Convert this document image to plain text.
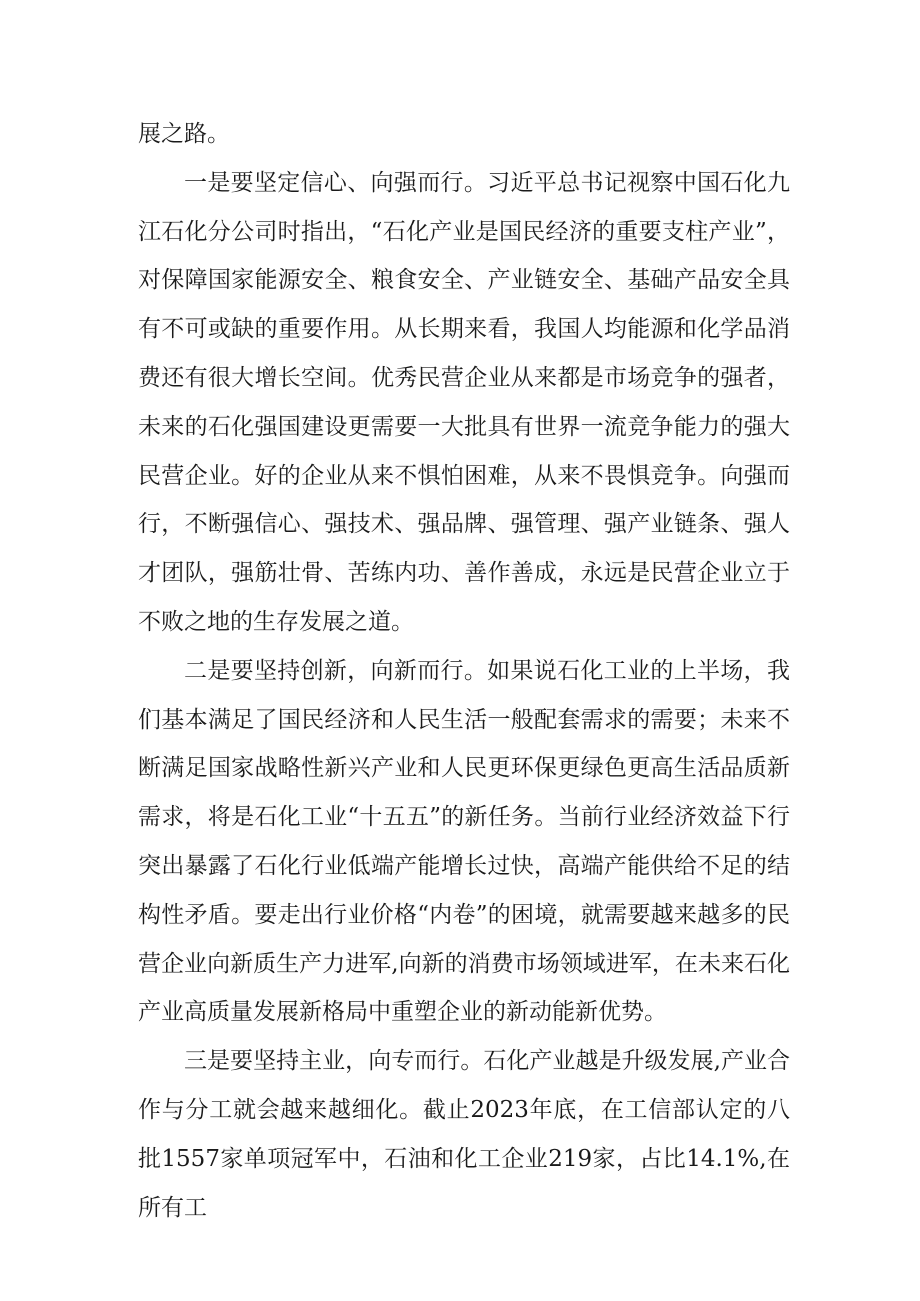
展之路。

一是要坚定信心、向强而行。习近平总书记视察中国石化九江石化分公司时指出，“石化产业是国民经济的重要支柱产业”，对保障国家能源安全、粮食安全、产业链安全、基础产品安全具有不可或缺的重要作用。从长期来看，我国人均能源和化学品消费还有很大增长空间。优秀民营企业从来都是市场竞争的强者，未来的石化强国建设更需要一大批具有世界一流竞争能力的强大民营企业。好的企业从来不惧怕困难，从来不畏惧竞争。向强而行，不断强信心、强技术、强品牌、强管理、强产业链条、强人才团队，强筋壮骨、苦练内功、善作善成，永远是民营企业立于不败之地的生存发展之道。

二是要坚持创新，向新而行。如果说石化工业的上半场，我们基本满足了国民经济和人民生活一般配套需求的需要；未来不断满足国家战略性新兴产业和人民更环保更绿色更高生活品质新需求，将是石化工业“十五五”的新任务。当前行业经济效益下行突出暴露了石化行业低端产能增长过快，高端产能供给不足的结构性矛盾。要走出行业价格“内卷”的困境，就需要越来越多的民营企业向新质生产力进军,向新的消费市场领域进军，在未来石化产业高质量发展新格局中重塑企业的新动能新优势。

三是要坚持主业，向专而行。石化产业越是升级发展,产业合作与分工就会越来越细化。截止2023年底，在工信部认定的八批1557家单项冠军中，石油和化工企业219家，占比14.1%,在所有工
